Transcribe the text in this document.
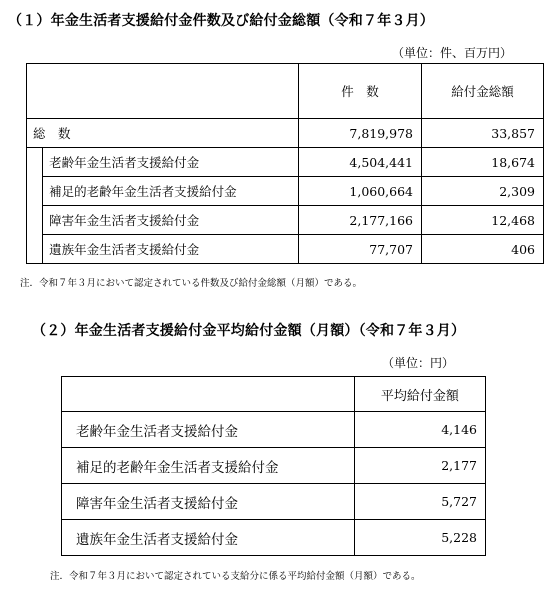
（１）年金生活者支援給付金件数及び給付金総額（令和７年３月）
（単位：件、百万円）
		件　数	給付金総額
総　数		7,819,978	33,857
	老齢年金生活者支援給付金	4,504,441	18,674
	補足的老齢年金生活者支援給付金	1,060,664	2,309
	障害年金生活者支援給付金	2,177,166	12,468
	遺族年金生活者支援給付金	77,707	406
注．令和７年３月において認定されている件数及び給付金総額（月額）である。
（２）年金生活者支援給付金平均給付金額（月額）（令和７年３月）
（単位：円）
	平均給付金額
老齢年金生活者支援給付金	4,146
補足的老齢年金生活者支援給付金	2,177
障害年金生活者支援給付金	5,727
遺族年金生活者支援給付金	5,228
注．令和７年３月において認定されている支給分に係る平均給付金額（月額）である。
